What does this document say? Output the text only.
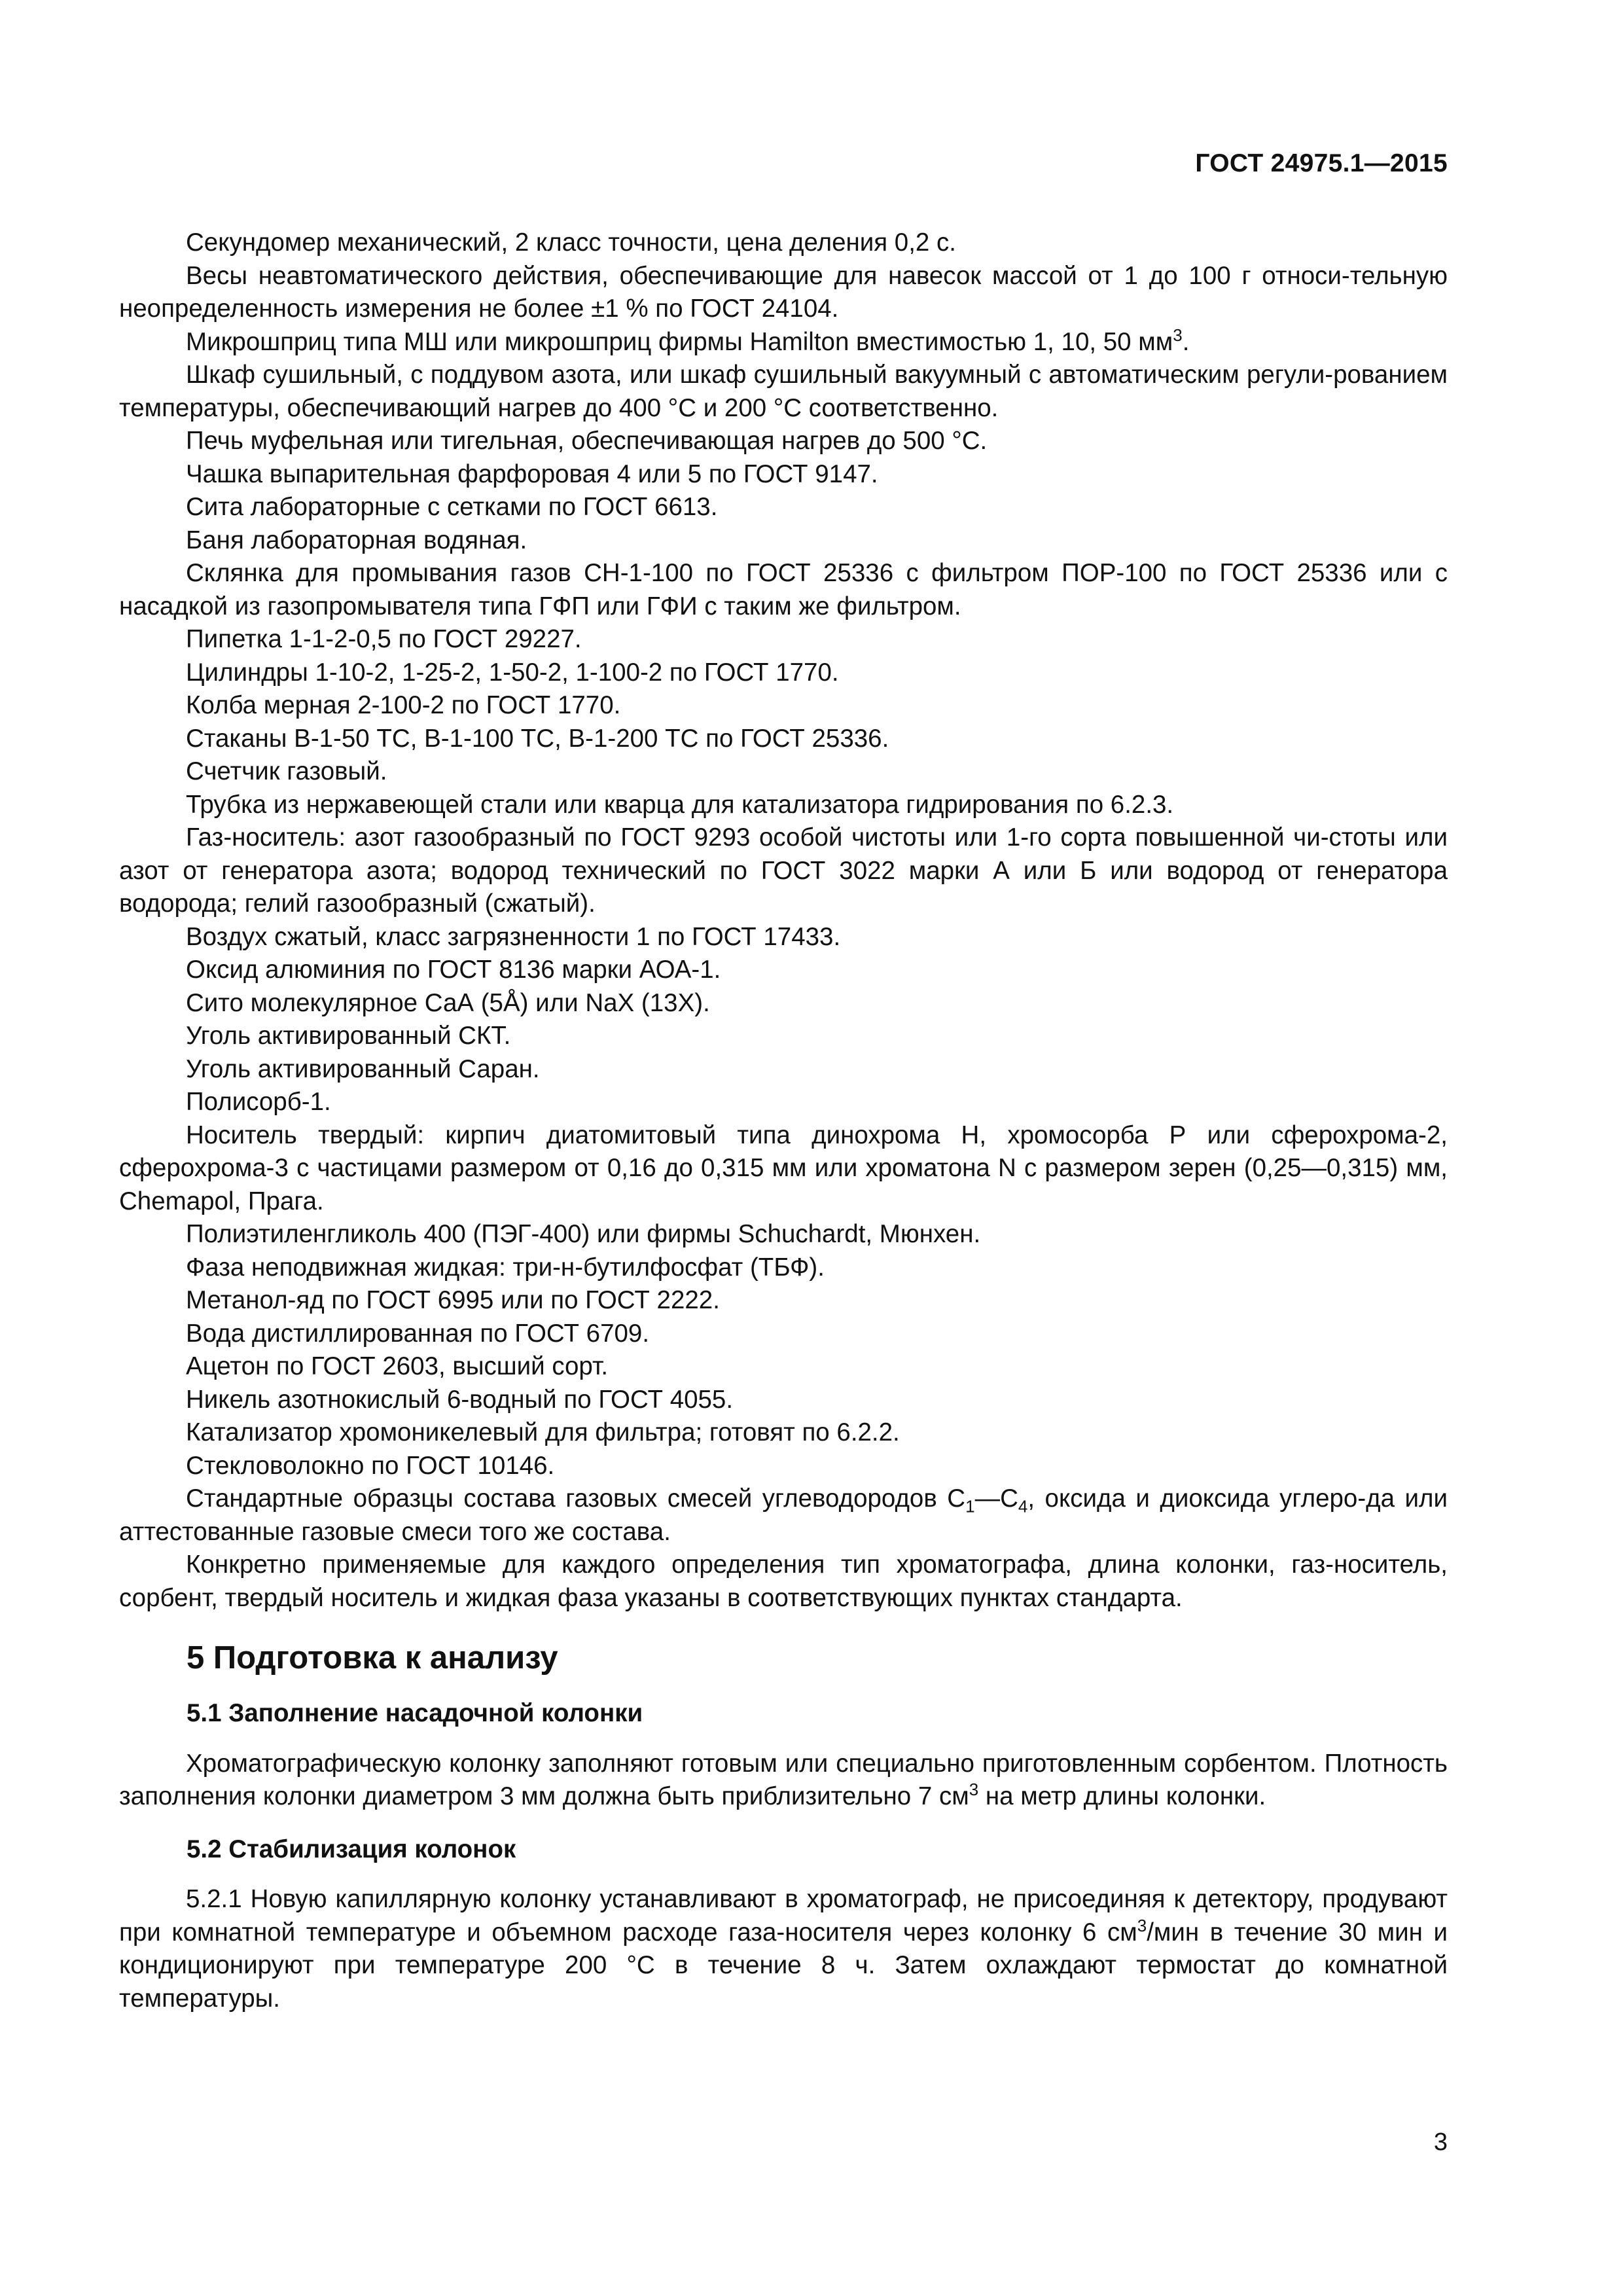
ГОСТ 24975.1—2015

Секундомер механический, 2 класс точности, цена деления 0,2 с.

Весы неавтоматического действия, обеспечивающие для навесок массой от 1 до 100 г относи-тельную неопределенность измерения не более ±1 % по ГОСТ 24104.

Микрошприц типа МШ или микрошприц фирмы Hamilton вместимостью 1, 10, 50 $мм^3$.

Шкаф сушильный, с поддувом азота, или шкаф сушильный вакуумный с автоматическим регули-рованием температуры, обеспечивающий нагрев до 400 °С и 200 °С соответственно.

Печь муфельная или тигельная, обеспечивающая нагрев до 500 °С.

Чашка выпарительная фарфоровая 4 или 5 по ГОСТ 9147.

Сита лабораторные с сетками по ГОСТ 6613.

Баня лабораторная водяная.

Склянка для промывания газов СН-1-100 по ГОСТ 25336 с фильтром ПОР-100 по ГОСТ 25336 или с насадкой из газопромывателя типа ГФП или ГФИ с таким же фильтром.

Пипетка 1-1-2-0,5 по ГОСТ 29227.

Цилиндры 1-10-2, 1-25-2, 1-50-2, 1-100-2 по ГОСТ 1770.

Колба мерная 2-100-2 по ГОСТ 1770.

Стаканы В-1-50 ТС, В-1-100 ТС, В-1-200 ТС по ГОСТ 25336.

Счетчик газовый.

Трубка из нержавеющей стали или кварца для катализатора гидрирования по 6.2.3.

Газ-носитель: азот газообразный по ГОСТ 9293 особой чистоты или 1-го сорта повышенной чи-стоты или азот от генератора азота; водород технический по ГОСТ 3022 марки А или Б или водород от генератора водорода; гелий газообразный (сжатый).

Воздух сжатый, класс загрязненности 1 по ГОСТ 17433.

Оксид алюминия по ГОСТ 8136 марки АОА-1.

Сито молекулярное СаА (5Å) или NaX (13Х).

Уголь активированный СКТ.

Уголь активированный Саран.

Полисорб-1.

Носитель твердый: кирпич диатомитовый типа динохрома Н, хромосорба Р или сферохрома-2, сферохрома-3 с частицами размером от 0,16 до 0,315 мм или хроматона N с размером зерен (0,25—0,315) мм, Chemapol, Прага.

Полиэтиленгликоль 400 (ПЭГ-400) или фирмы Schuchardt, Мюнхен.

Фаза неподвижная жидкая: три-н-бутилфосфат (ТБФ).

Метанол-яд по ГОСТ 6995 или по ГОСТ 2222.

Вода дистиллированная по ГОСТ 6709.

Ацетон по ГОСТ 2603, высший сорт.

Никель азотнокислый 6-водный по ГОСТ 4055.

Катализатор хромоникелевый для фильтра; готовят по 6.2.2.

Стекловолокно по ГОСТ 10146.

Стандартные образцы состава газовых смесей углеводородов $С_1—С_4$, оксида и диоксида углеро-да или аттестованные газовые смеси того же состава.

Конкретно применяемые для каждого определения тип хроматографа, длина колонки, газ-носитель, сорбент, твердый носитель и жидкая фаза указаны в соответствующих пунктах стандарта.

5 Подготовка к анализу

5.1 Заполнение насадочной колонки

Хроматографическую колонку заполняют готовым или специально приготовленным сорбентом. Плотность заполнения колонки диаметром 3 мм должна быть приблизительно 7 $см^3$ на метр длины колонки.

5.2 Стабилизация колонок

5.2.1 Новую капиллярную колонку устанавливают в хроматограф, не присоединяя к детектору, продувают при комнатной температуре и объемном расходе газа-носителя через колонку 6 $см^3$/мин в течение 30 мин и кондиционируют при температуре 200 °С в течение 8 ч. Затем охлаждают термостат до комнатной температуры.

3
